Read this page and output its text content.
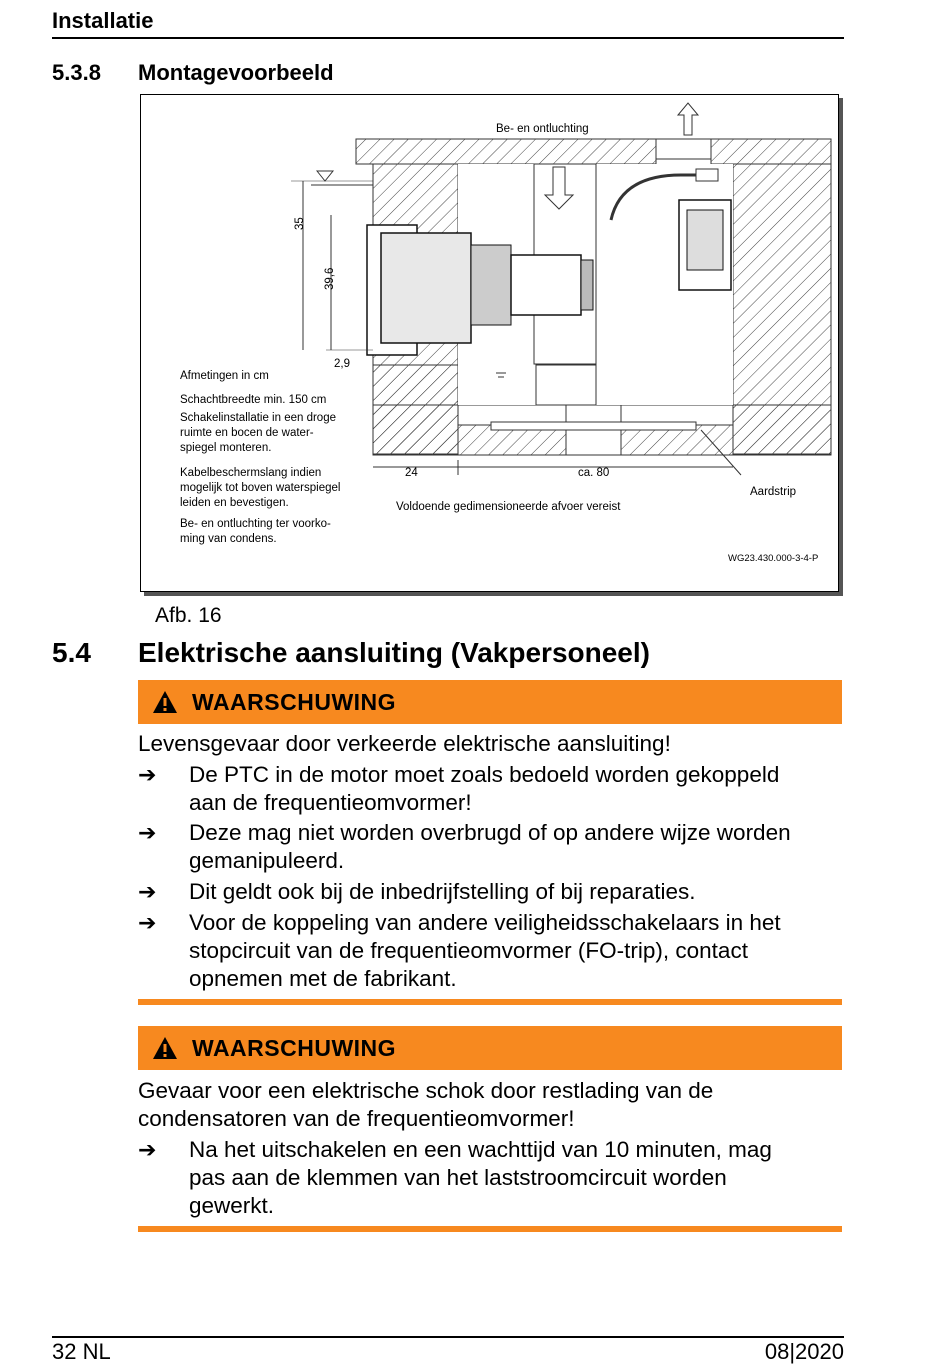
Installatie
5.3.8 Montagevoorbeeld
Be- en ontluchting
35
39,6
2,9
Afmetingen in cm
Schachtbreedte min. 150 cm
Schakelinstallatie in een droge
ruimte en bocen de water-
spiegel monteren.
Kabelbeschermslang indien
mogelijk tot boven waterspiegel
leiden en bevestigen.
Be- en ontluchting ter voorko-
ming van condens.
24	ca. 80
Voldoende gedimensioneerde afvoer vereist
Aardstrip
WG23.430.000-3-4-P
Afb. 16
5.4 Elektrische aansluiting (Vakpersoneel)
WAARSCHUWING
Levensgevaar door verkeerde elektrische aansluiting!
➔ De PTC in de motor moet zoals bedoeld worden gekoppeld
aan de frequentieomvormer!
➔ Deze mag niet worden overbrugd of op andere wijze worden
gemanipuleerd.
➔ Dit geldt ook bij de inbedrijfstelling of bij reparaties.
➔ Voor de koppeling van andere veiligheidsschakelaars in het
stopcircuit van de frequentieomvormer (FO-trip), contact
opnemen met de fabrikant.
WAARSCHUWING
Gevaar voor een elektrische schok door restlading van de
condensatoren van de frequentieomvormer!
➔ Na het uitschakelen en een wachttijd van 10 minuten, mag
pas aan de klemmen van het laststroomcircuit worden
gewerkt.
32 NL	08|2020
